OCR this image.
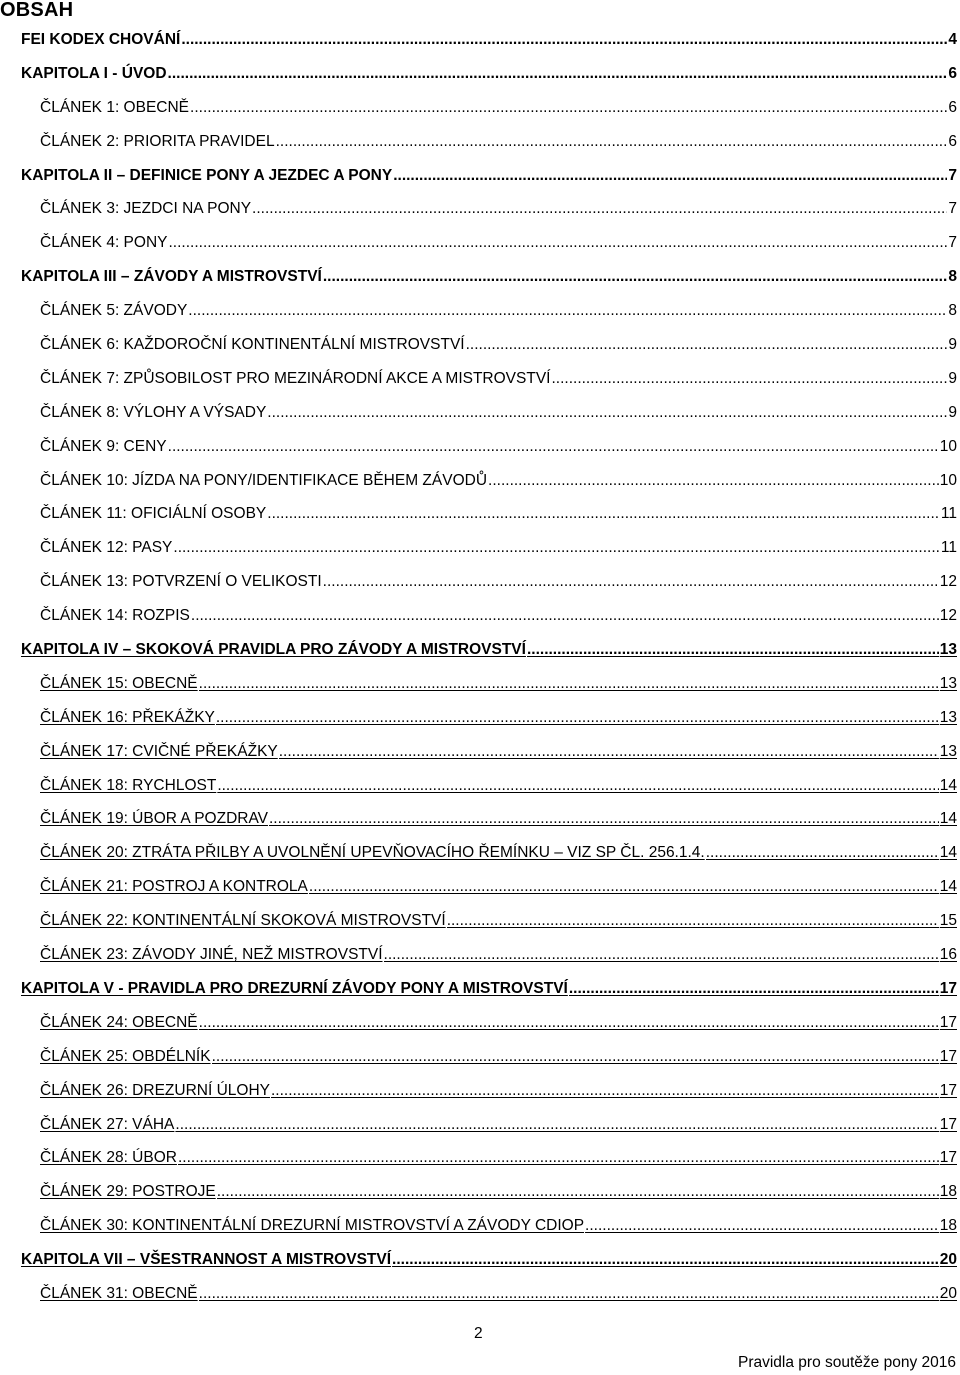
OBSAH
FEI KODEX CHOVÁNÍ .....	4
KAPITOLA I - ÚVOD .....	6
ČLÁNEK 1: OBECNĚ .....	6
ČLÁNEK 2: PRIORITA PRAVIDEL .....	6
KAPITOLA II – DEFINICE PONY A JEZDEC A PONY .....	7
ČLÁNEK 3: JEZDCI NA PONY .....	7
ČLÁNEK 4: PONY .....	7
KAPITOLA III – ZÁVODY A MISTROVSTVÍ .....	8
ČLÁNEK 5: ZÁVODY .....	8
ČLÁNEK 6: KAŽDOROČNÍ KONTINENTÁLNÍ MISTROVSTVÍ .....	9
ČLÁNEK 7: ZPŮSOBILOST PRO MEZINÁRODNÍ AKCE A MISTROVSTVÍ .....	9
ČLÁNEK 8: VÝLOHY A VÝSADY .....	9
ČLÁNEK 9: CENY .....	10
ČLÁNEK 10: JÍZDA NA PONY/IDENTIFIKACE BĚHEM ZÁVODŮ .....	10
ČLÁNEK 11: OFICIÁLNÍ OSOBY .....	11
ČLÁNEK 12: PASY .....	11
ČLÁNEK 13: POTVRZENÍ O VELIKOSTI .....	12
ČLÁNEK 14: ROZPIS .....	12
KAPITOLA IV – SKOKOVÁ PRAVIDLA PRO ZÁVODY A MISTROVSTVÍ .....	13
ČLÁNEK 15: OBECNĚ .....	13
ČLÁNEK 16: PŘEKÁŽKY .....	13
ČLÁNEK 17: CVIČNÉ PŘEKÁŽKY .....	13
ČLÁNEK 18: RYCHLOST .....	14
ČLÁNEK 19: ÚBOR A POZDRAV .....	14
ČLÁNEK 20: ZTRÁTA PŘILBY A UVOLNĚNÍ UPEVŇOVACÍHO ŘEMÍNKU – VIZ SP ČL. 256.1.4. .....	14
ČLÁNEK 21: POSTROJ A KONTROLA .....	14
ČLÁNEK 22: KONTINENTÁLNÍ SKOKOVÁ MISTROVSTVÍ .....	15
ČLÁNEK 23: ZÁVODY JINÉ, NEŽ MISTROVSTVÍ .....	16
KAPITOLA V - PRAVIDLA PRO DREZURNÍ ZÁVODY PONY A MISTROVSTVÍ .....	17
ČLÁNEK 24: OBECNĚ .....	17
ČLÁNEK 25: OBDÉLNÍK .....	17
ČLÁNEK 26: DREZURNÍ ÚLOHY .....	17
ČLÁNEK 27: VÁHA .....	17
ČLÁNEK 28: ÚBOR .....	17
ČLÁNEK 29: POSTROJE .....	18
ČLÁNEK 30: KONTINENTÁLNÍ DREZURNÍ MISTROVSTVÍ A ZÁVODY CDIOP .....	18
KAPITOLA VII – VŠESTRANNOST A MISTROVSTVÍ .....	20
ČLÁNEK 31: OBECNĚ .....	20
2
Pravidla pro soutěže pony 2016
